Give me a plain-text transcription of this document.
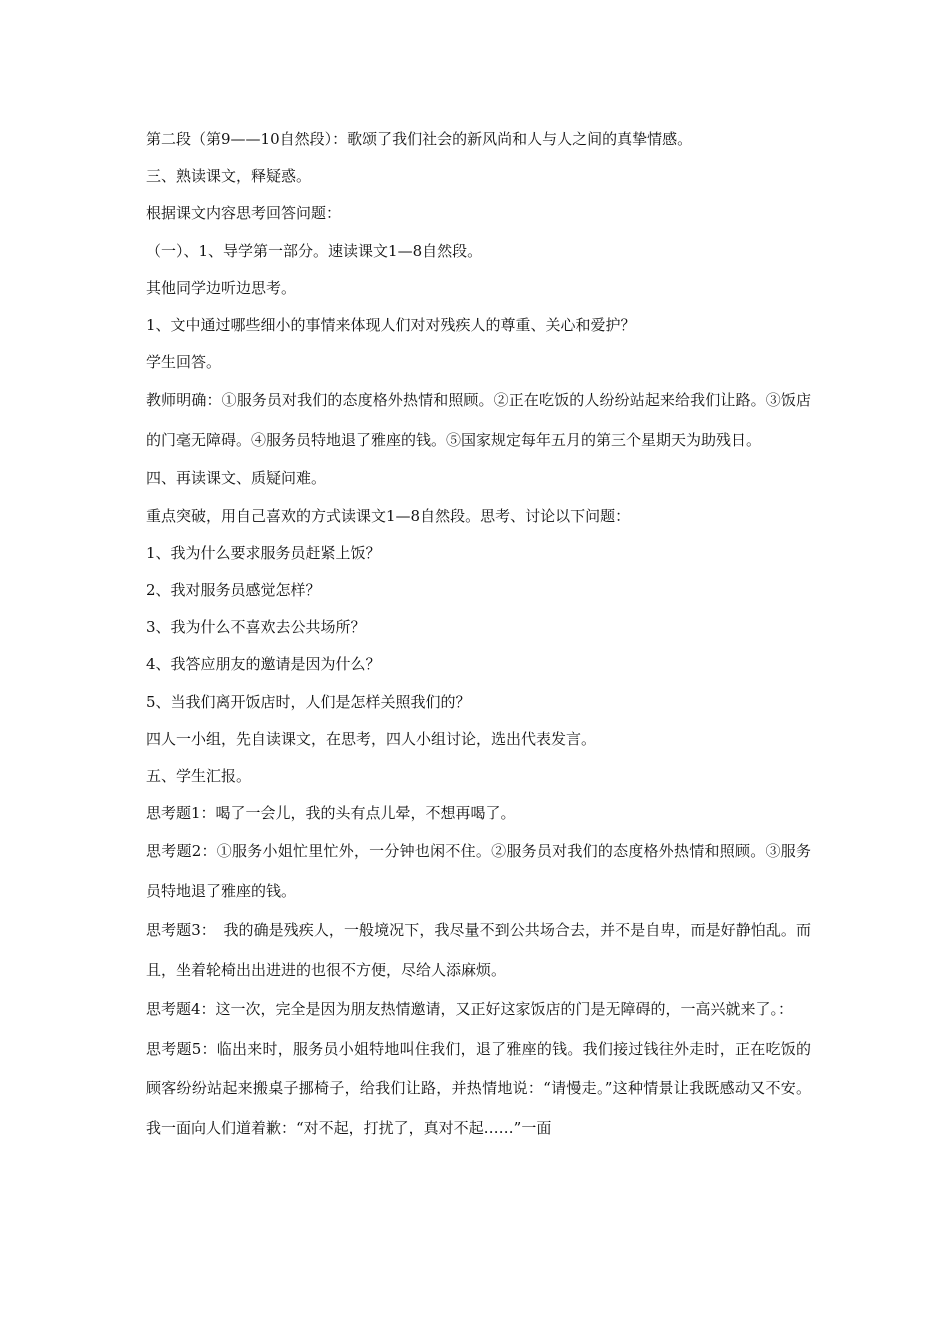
第二段（第9——10自然段）：歌颂了我们社会的新风尚和人与人之间的真挚情感。

三、熟读课文，释疑惑。

根据课文内容思考回答问题：

（一）、1、导学第一部分。速读课文1—8自然段。

其他同学边听边思考。

1、文中通过哪些细小的事情来体现人们对对残疾人的尊重、关心和爱护？

学生回答。

教师明确：①服务员对我们的态度格外热情和照顾。②正在吃饭的人纷纷站起来给我们让路。③饭店的门毫无障碍。④服务员特地退了雅座的钱。⑤国家规定每年五月的第三个星期天为助残日。

四、再读课文、质疑问难。

重点突破，用自己喜欢的方式读课文1—8自然段。思考、讨论以下问题：

1、我为什么要求服务员赶紧上饭？

2、我对服务员感觉怎样？

3、我为什么不喜欢去公共场所？

4、我答应朋友的邀请是因为什么？

5、当我们离开饭店时，人们是怎样关照我们的？

四人一小组，先自读课文，在思考，四人小组讨论，选出代表发言。

五、学生汇报。

思考题1：喝了一会儿，我的头有点儿晕，不想再喝了。

思考题2：①服务小姐忙里忙外，一分钟也闲不住。②服务员对我们的态度格外热情和照顾。③服务员特地退了雅座的钱。

思考题3：　我的确是残疾人，一般境况下，我尽量不到公共场合去，并不是自卑，而是好静怕乱。而且，坐着轮椅出出进进的也很不方便，尽给人添麻烦。

思考题4：这一次，完全是因为朋友热情邀请，又正好这家饭店的门是无障碍的，一高兴就来了。：

思考题5：临出来时，服务员小姐特地叫住我们，退了雅座的钱。我们接过钱往外走时，正在吃饭的顾客纷纷站起来搬桌子挪椅子，给我们让路，并热情地说：“请慢走。”这种情景让我既感动又不安。我一面向人们道着歉：“对不起，打扰了，真对不起……”一面
